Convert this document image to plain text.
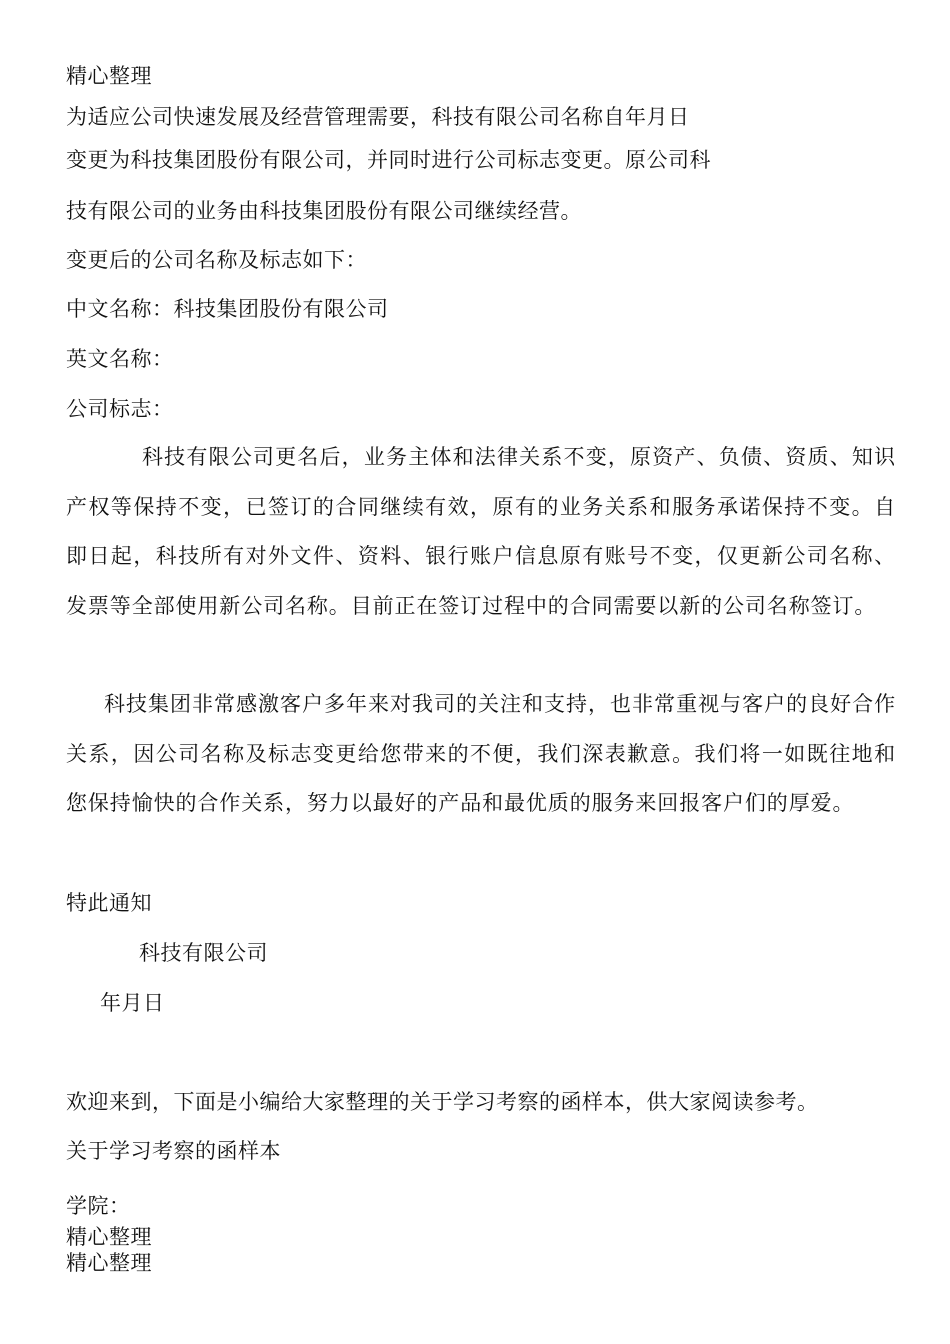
精心整理
为适应公司快速发展及经营管理需要，科技有限公司名称自年月日
变更为科技集团股份有限公司，并同时进行公司标志变更。原公司科
技有限公司的业务由科技集团股份有限公司继续经营。
变更后的公司名称及标志如下：
中文名称：科技集团股份有限公司
英文名称：
公司标志：
科技有限公司更名后，业务主体和法律关系不变，原资产、负债、资质、知识产权等保持不变，已签订的合同继续有效，原有的业务关系和服务承诺保持不变。自即日起，科技所有对外文件、资料、银行账户信息原有账号不变，仅更新公司名称、发票等全部使用新公司名称。目前正在签订过程中的合同需要以新的公司名称签订。
科技集团非常感激客户多年来对我司的关注和支持，也非常重视与客户的良好合作关系，因公司名称及标志变更给您带来的不便，我们深表歉意。我们将一如既往地和您保持愉快的合作关系，努力以最好的产品和最优质的服务来回报客户们的厚爱。
特此通知
科技有限公司
年月日
欢迎来到，下面是小编给大家整理的关于学习考察的函样本，供大家阅读参考。
关于学习考察的函样本
学院：
精心整理
精心整理
